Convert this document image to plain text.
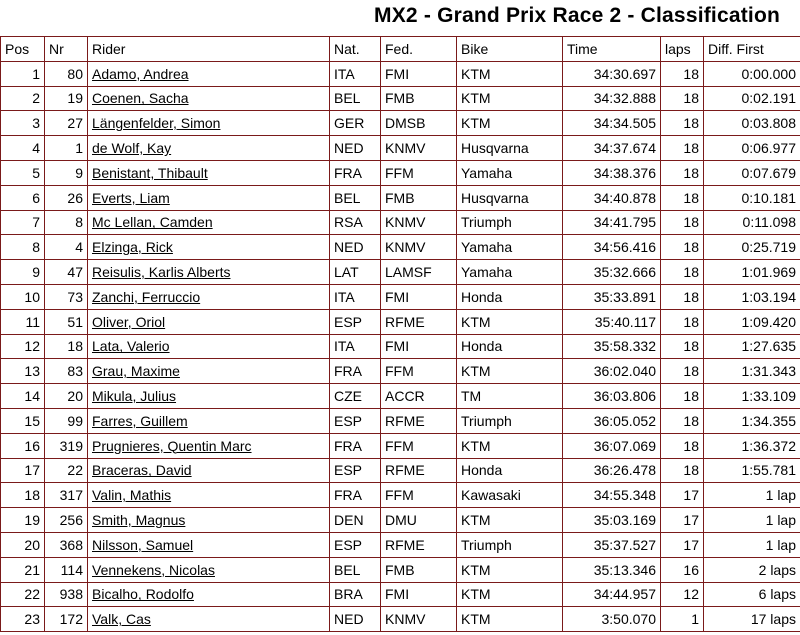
MX2 - Grand Prix Race 2 - Classification
Pos	Nr	Rider	Nat.	Fed.	Bike	Time	laps	Diff. First
1	80	Adamo, Andrea	ITA	FMI	KTM	34:30.697	18	0:00.000
2	19	Coenen, Sacha	BEL	FMB	KTM	34:32.888	18	0:02.191
3	27	Längenfelder, Simon	GER	DMSB	KTM	34:34.505	18	0:03.808
4	1	de Wolf, Kay	NED	KNMV	Husqvarna	34:37.674	18	0:06.977
5	9	Benistant, Thibault	FRA	FFM	Yamaha	34:38.376	18	0:07.679
6	26	Everts, Liam	BEL	FMB	Husqvarna	34:40.878	18	0:10.181
7	8	Mc Lellan, Camden	RSA	KNMV	Triumph	34:41.795	18	0:11.098
8	4	Elzinga, Rick	NED	KNMV	Yamaha	34:56.416	18	0:25.719
9	47	Reisulis, Karlis Alberts	LAT	LAMSF	Yamaha	35:32.666	18	1:01.969
10	73	Zanchi, Ferruccio	ITA	FMI	Honda	35:33.891	18	1:03.194
11	51	Oliver, Oriol	ESP	RFME	KTM	35:40.117	18	1:09.420
12	18	Lata, Valerio	ITA	FMI	Honda	35:58.332	18	1:27.635
13	83	Grau, Maxime	FRA	FFM	KTM	36:02.040	18	1:31.343
14	20	Mikula, Julius	CZE	ACCR	TM	36:03.806	18	1:33.109
15	99	Farres, Guillem	ESP	RFME	Triumph	36:05.052	18	1:34.355
16	319	Prugnieres, Quentin Marc	FRA	FFM	KTM	36:07.069	18	1:36.372
17	22	Braceras, David	ESP	RFME	Honda	36:26.478	18	1:55.781
18	317	Valin, Mathis	FRA	FFM	Kawasaki	34:55.348	17	1 lap
19	256	Smith, Magnus	DEN	DMU	KTM	35:03.169	17	1 lap
20	368	Nilsson, Samuel	ESP	RFME	Triumph	35:37.527	17	1 lap
21	114	Vennekens, Nicolas	BEL	FMB	KTM	35:13.346	16	2 laps
22	938	Bicalho, Rodolfo	BRA	FMI	KTM	34:44.957	12	6 laps
23	172	Valk, Cas	NED	KNMV	KTM	3:50.070	1	17 laps
